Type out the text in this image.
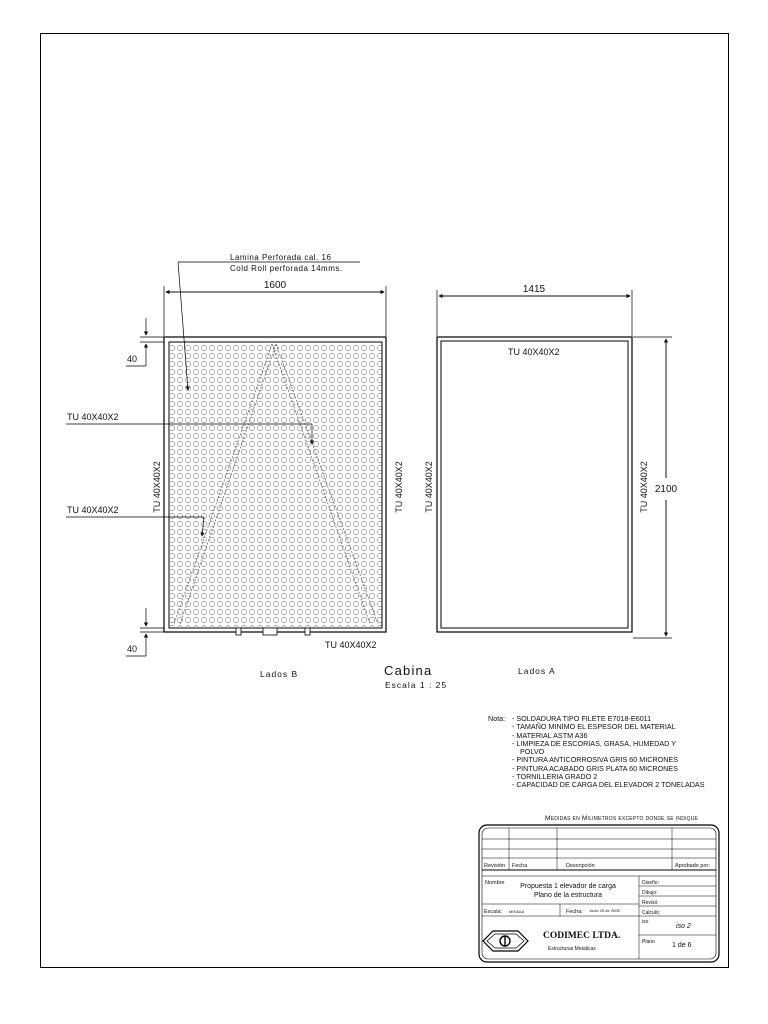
1600
Lamina Perforada cal. 16
Cold Roll perforada 14mms.
40
40
TU 40X40X2
TU 40X40X2	TU 40X40X2	TU 40X40X2
TU 40X40X2
Lados B
1415
2100
TU 40X40X2
TU 40X40X2	TU 40X40X2
Lados A
Cabina
Escala 1 : 25
Revisión Fecha	Descripción	Aprobado por:
Nombre Propuesta 1 elevador de carga
Plano de la estructura
Diseño:
Dibujo:
Revisó:
Calculó:
Escala: MIKAAA	Fecha: Junio 25 de 2006
iso
iso 2
Plano 1 de 6
CODIMEC LTDA.
Estructuras Metalicas
Nota: - SOLDADURA TIPO FILETE E7018-E6011
- TAMAÑO MINIMO EL ESPESOR DEL MATERIAL
- MATERIAL ASTM A36
- LIMPIEZA DE ESCORIAS, GRASA, HUMEDAD Y
POLVO
- PINTURA ANTICORROSIVA GRIS 60 MICRONES
- PINTURA ACABADO GRIS PLATA 60 MICRONES
- TORNILLERIA GRADO 2
- CAPACIDAD DE CARGA DEL ELEVADOR 2 TONELADAS
Medidas en Milimetros excepto donde se indique
